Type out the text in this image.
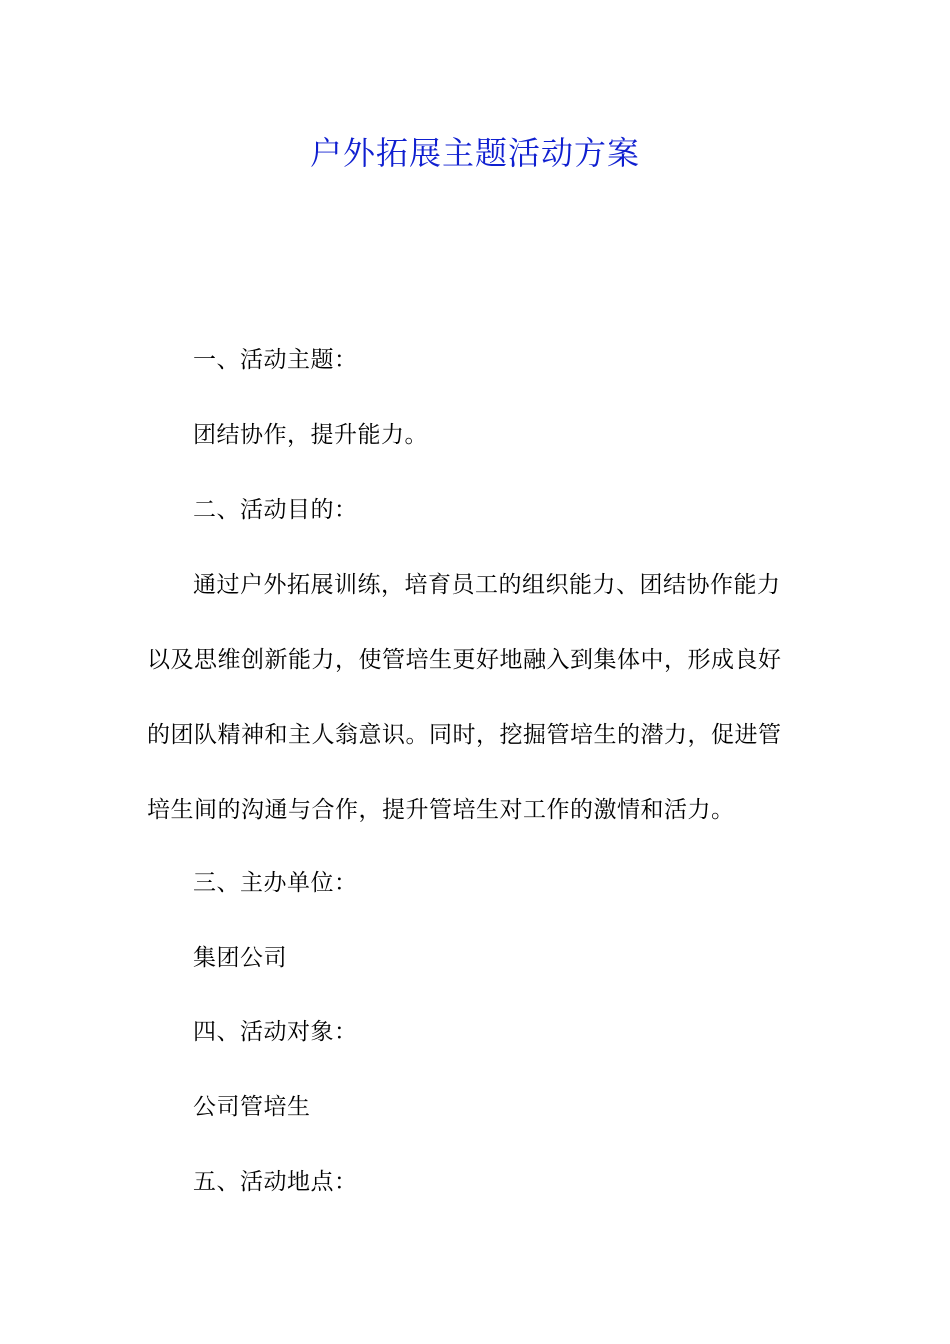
户外拓展主题活动方案
一、活动主题：
团结协作，提升能力。
二、活动目的：
通过户外拓展训练，培育员工的组织能力、团结协作能力
以及思维创新能力，使管培生更好地融入到集体中，形成良好
的团队精神和主人翁意识。同时，挖掘管培生的潜力，促进管
培生间的沟通与合作，提升管培生对工作的激情和活力。
三、主办单位：
集团公司
四、活动对象：
公司管培生
五、活动地点：
